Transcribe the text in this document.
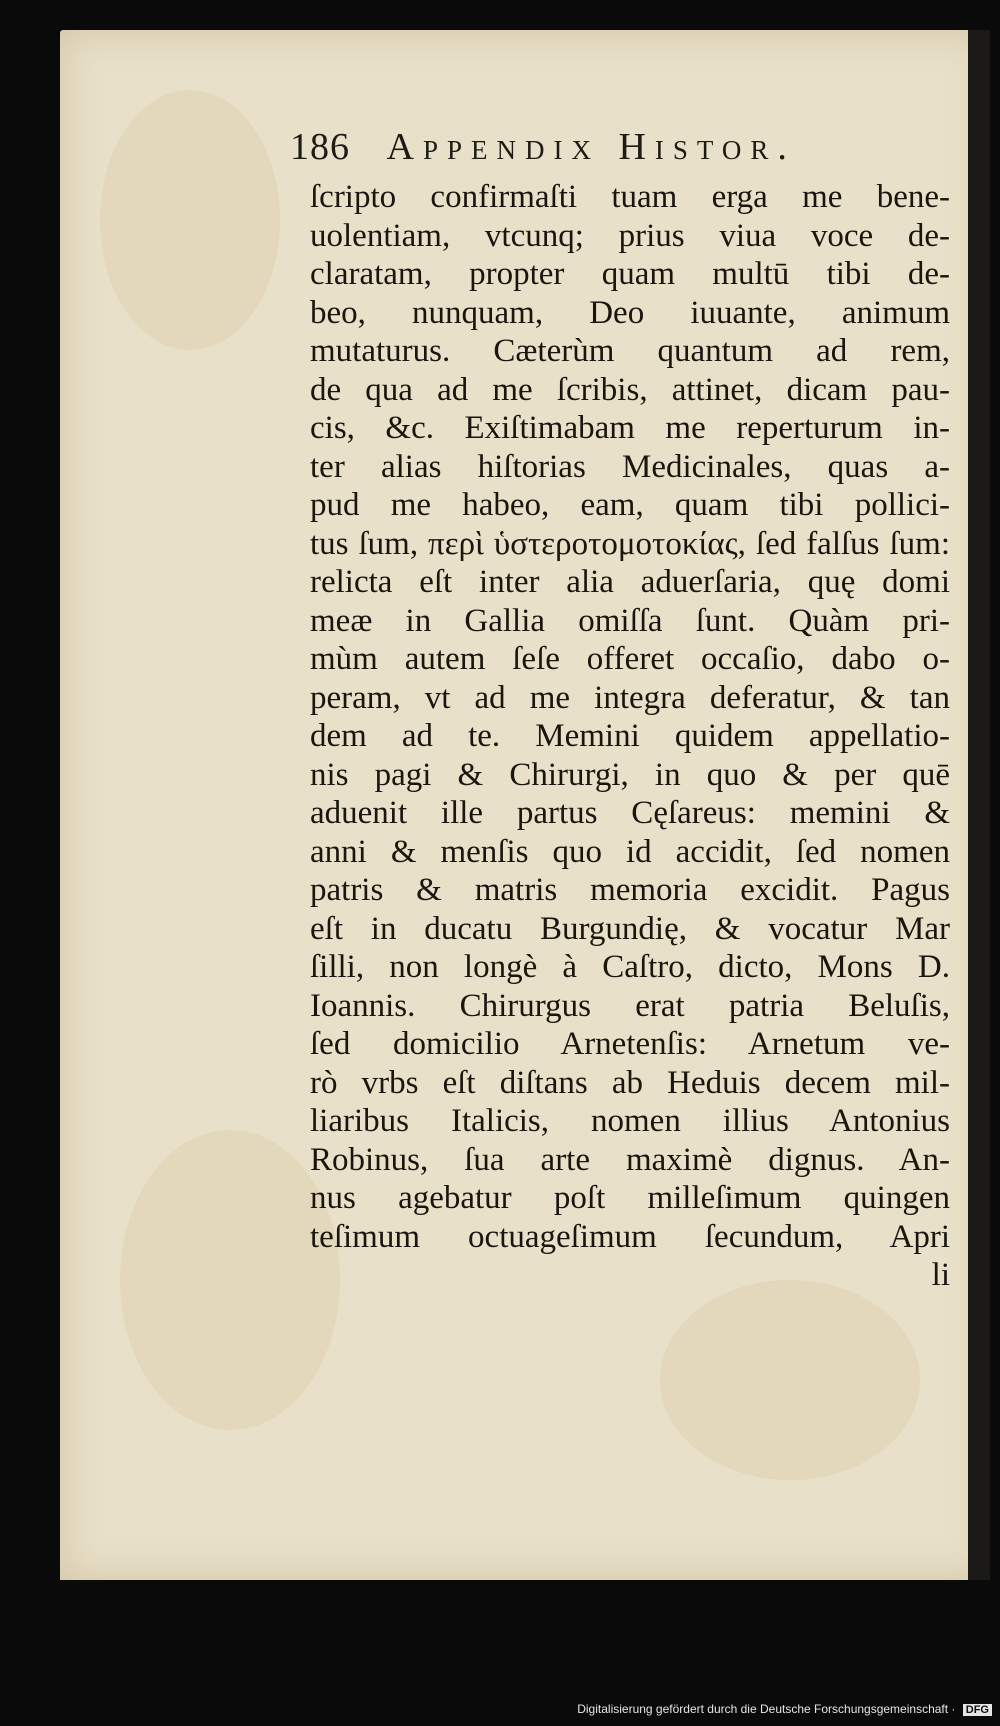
186 Appendix Histor.
ſcripto confirmaſti tuam erga me bene-
uolentiam, vtcunq; prius viua voce de-
claratam, propter quam multū tibi de-
beo, nunquam, Deo iuuante, animum
mutaturus. Cæterùm quantum ad rem,
de qua ad me ſcribis, attinet, dicam pau-
cis, &c. Exiſtimabam me reperturum in-
ter alias hiſtorias Medicinales, quas a-
pud me habeo, eam, quam tibi pollici-
tus ſum, περὶ ὑστεροτομοτοκίας, ſed falſus ſum:
relicta eſt inter alia aduerſaria, quę domi
meæ in Gallia omiſſa ſunt. Quàm pri-
mùm autem ſeſe offeret occaſio, dabo o-
peram, vt ad me integra deferatur, & tan
dem ad te. Memini quidem appellatio-
nis pagi & Chirurgi, in quo & per quē
aduenit ille partus Cęſareus: memini &
anni & menſis quo id accidit, ſed nomen
patris & matris memoria excidit. Pagus
eſt in ducatu Burgundię, & vocatur Mar
ſilli, non longè à Caſtro, dicto, Mons D.
Ioannis. Chirurgus erat patria Beluſis,
ſed domicilio Arnetenſis: Arnetum ve-
rò vrbs eſt diſtans ab Heduis decem mil-
liaribus Italicis, nomen illius Antonius
Robinus, ſua arte maximè dignus. An-
nus agebatur poſt milleſimum quingen
teſimum octuageſimum ſecundum, Apri
li
Digitalisierung gefördert durch die Deutsche Forschungsgemeinschaft · DFG
